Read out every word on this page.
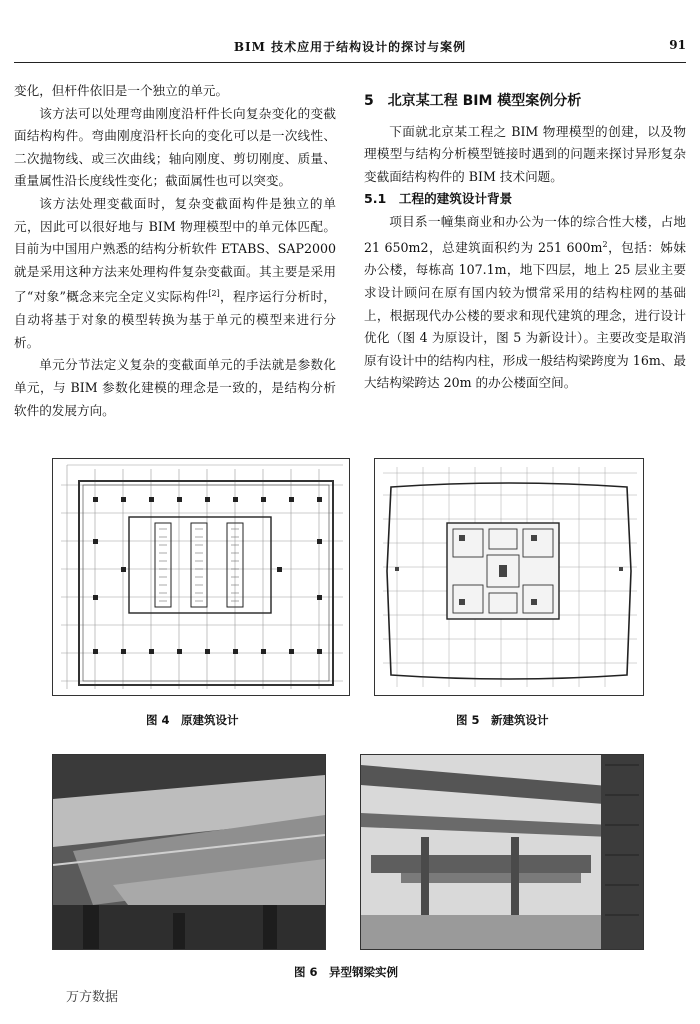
BIM 技术应用于结构设计的探讨与案例	91

变化，但杆件依旧是一个独立的单元。

该方法可以处理弯曲刚度沿杆件长向复杂变化的变截面结构构件。弯曲刚度沿杆长向的变化可以是一次线性、二次抛物线、或三次曲线；轴向刚度、剪切刚度、质量、重量属性沿长度线性变化；截面属性也可以突变。

该方法处理变截面时，复杂变截面构件是独立的单元，因此可以很好地与 BIM 物理模型中的单元体匹配。目前为中国用户熟悉的结构分析软件 ETABS、SAP2000 就是采用这种方法来处理构件复杂变截面。其主要是采用了“对象”概念来完全定义实际构件[2]，程序运行分析时，自动将基于对象的模型转换为基于单元的模型来进行分析。

单元分节法定义复杂的变截面单元的手法就是参数化单元，与 BIM 参数化建模的理念是一致的，是结构分析软件的发展方向。

5　北京某工程 BIM 模型案例分析

下面就北京某工程之 BIM 物理模型的创建，以及物理模型与结构分析模型链接时遇到的问题来探讨异形复杂变截面结构构件的 BIM 技术问题。

5.1　工程的建筑设计背景

项目系一幢集商业和办公为一体的综合性大楼，占地 21 650m2，总建筑面积约为 251 $600m^2$，包括：姊妹办公楼，每栋高 107.1m，地下四层，地上 25 层业主要求设计顾问在原有国内较为惯常采用的结构柱网的基础上，根据现代办公楼的要求和现代建筑的理念，进行设计优化（图 4 为原设计，图 5 为新设计）。主要改变是取消原有设计中的结构内柱，形成一般结构梁跨度为 16m、最大结构梁跨达 20m 的办公楼面空间。

图 4　原建筑设计	图 5　新建筑设计
图 6　异型钢梁实例
万方数据
